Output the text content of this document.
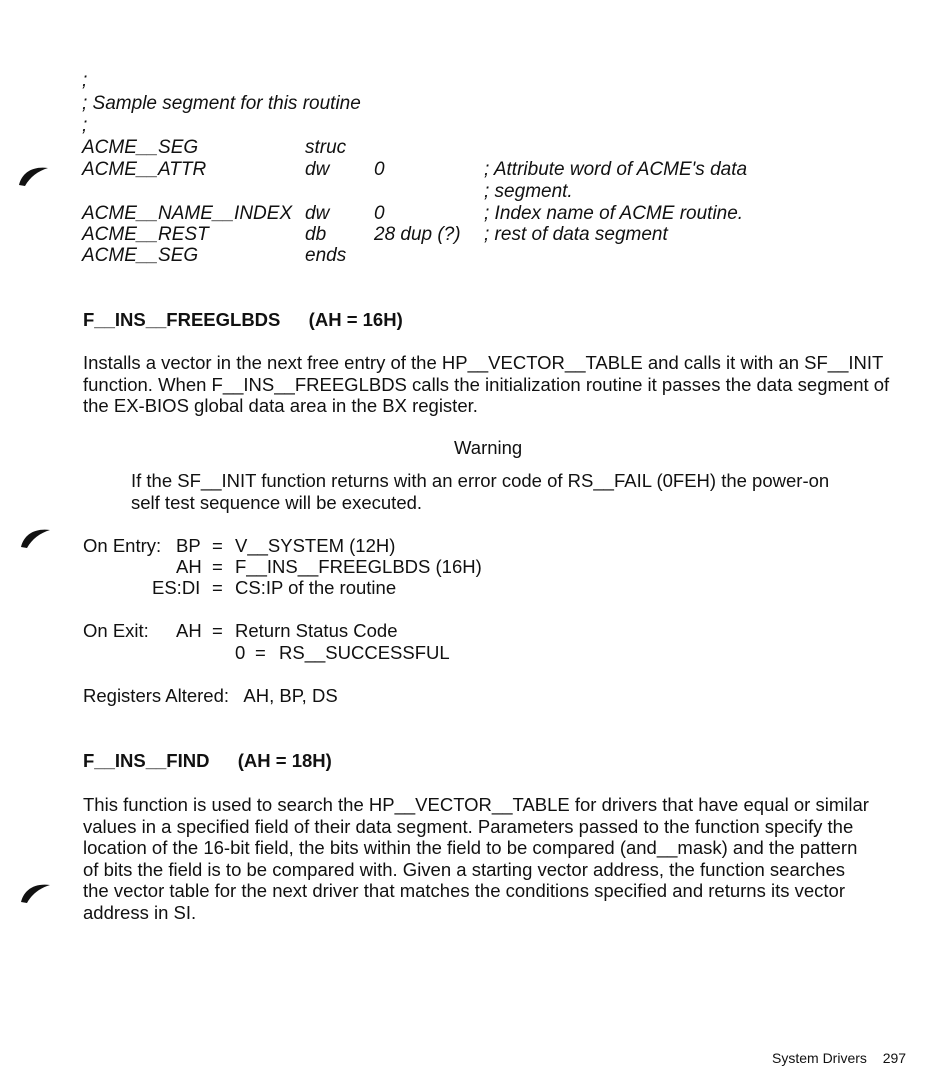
;
; Sample segment for this routine
;
ACME__SEG	struc
ACME__ATTR	dw 0	; Attribute word of ACME's data
; segment.
ACME__NAME__INDEX dw 0	; Index name of ACME routine.
ACME__REST	db	28 dup (?) ; rest of data segment
ACME__SEG	ends
F__INS__FREEGLBDS (AH = 16H)
Installs a vector in the next free entry of the HP__VECTOR__TABLE and calls it with an SF__INIT
function. When F__INS__FREEGLBDS calls the initialization routine it passes the data segment of
the EX-BIOS global data area in the BX register.
Warning
If the SF__INIT function returns with an error code of RS__FAIL (0FEH) the power-on
self test sequence will be executed.
On Entry: BP = V__SYSTEM (12H)
AH = F__INS__FREEGLBDS (16H)
ES:DI = CS:IP of the routine
On Exit: AH = Return Status Code
0 = RS__SUCCESSFUL
Registers Altered:   AH, BP, DS
F__INS__FIND (AH = 18H)
This function is used to search the HP__VECTOR__TABLE for drivers that have equal or similar
values in a specified field of their data segment. Parameters passed to the function specify the
location of the 16-bit field, the bits within the field to be compared (and__mask) and the pattern
of bits the field is to be compared with. Given a starting vector address, the function searches
the vector table for the next driver that matches the conditions specified and returns its vector
address in SI.
System Drivers 297
